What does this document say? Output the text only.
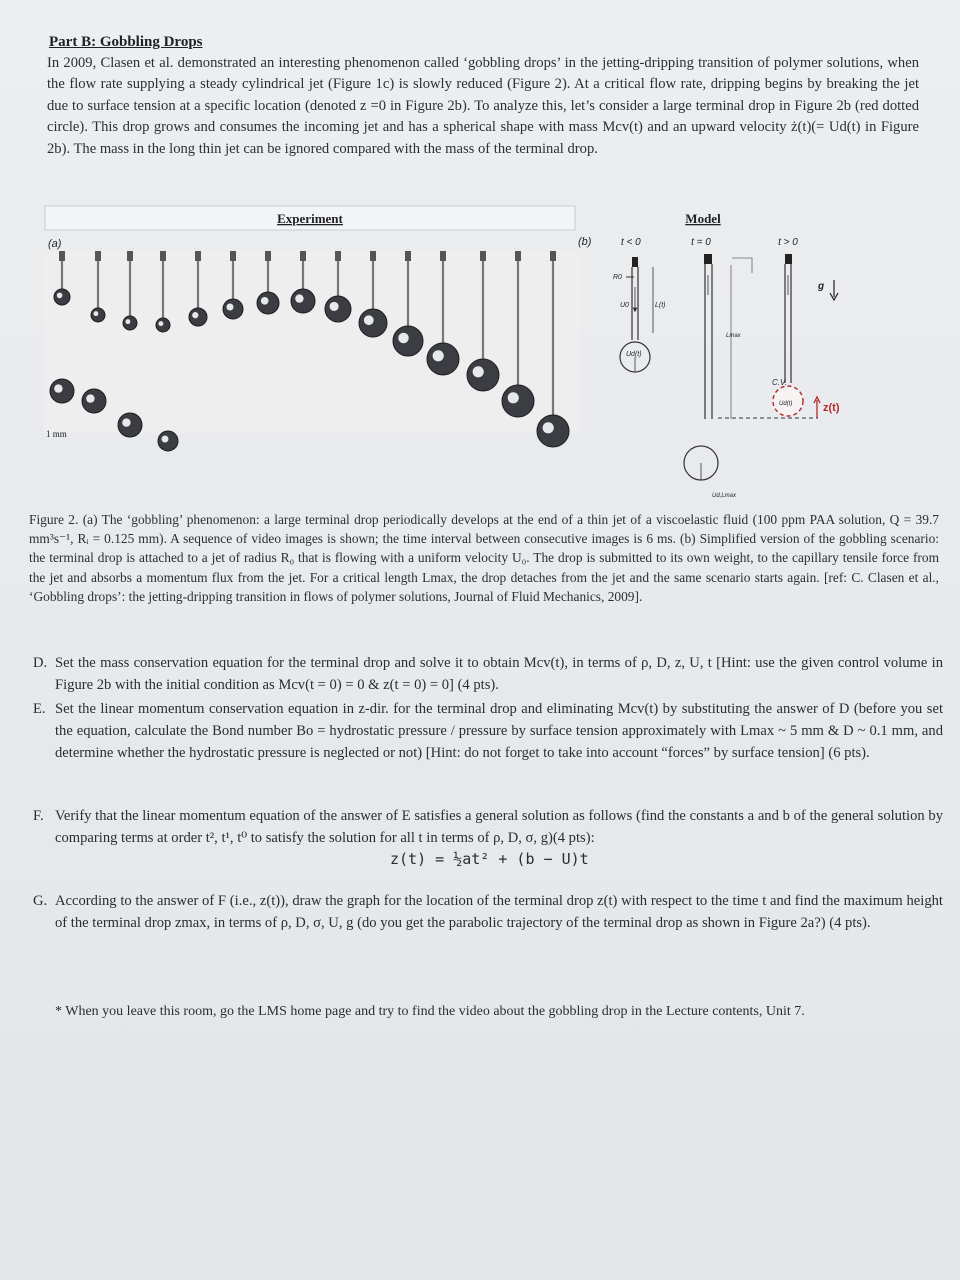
Part B: Gobbling Drops
In 2009, Clasen et al. demonstrated an interesting phenomenon called ‘gobbling drops’ in the jetting-dripping transition of polymer solutions, when the flow rate supplying a steady cylindrical jet (Figure 1c) is slowly reduced (Figure 2). At a critical flow rate, dripping begins by breaking the jet due to surface tension at a specific location (denoted z =0 in Figure 2b). To analyze this, let’s consider a large terminal drop in Figure 2b (red dotted circle). This drop grows and consumes the incoming jet and has a spherical shape with mass Mcv(t) and an upward velocity ż(t)(= Ud(t) in Figure 2b). The mass in the long thin jet can be ignored compared with the mass of the terminal drop.
Experiment
(a)
1 mm
(b)	t < 0
Model
t = 0	t > 0
R0
U0	L(t)
Ud(t)
Lmax
Ud,Lmax
C.V.
Ud(t)
g
z(t)
Figure 2. (a) The ‘gobbling’ phenomenon: a large terminal drop periodically develops at the end of a thin jet of a viscoelastic fluid (100 ppm PAA solution, Q = 39.7 mm³s⁻¹, Rᵢ = 0.125 mm). A sequence of video images is shown; the time interval between consecutive images is 6 ms. (b) Simplified version of the gobbling scenario: the terminal drop is attached to a jet of radius R₀ that is flowing with a uniform velocity U₀. The drop is submitted to its own weight, to the capillary tensile force from the jet and absorbs a momentum flux from the jet. For a critical length Lmax, the drop detaches from the jet and the same scenario starts again. [ref: C. Clasen et al., ‘Gobbling drops’: the jetting-dripping transition in flows of polymer solutions, Journal of Fluid Mechanics, 2009].
D. Set the mass conservation equation for the terminal drop and solve it to obtain Mcv(t), in terms of ρ, D, z, U, t [Hint: use the given control volume in Figure 2b with the initial condition as Mcv(t = 0) = 0 & z(t = 0) = 0] (4 pts).
E. Set the linear momentum conservation equation in z-dir. for the terminal drop and eliminating Mcv(t) by substituting the answer of D (before you set the equation, calculate the Bond number Bo = hydrostatic pressure / pressure by surface tension approximately with Lmax ~ 5 mm & D ~ 0.1 mm, and determine whether the hydrostatic pressure is neglected or not) [Hint: do not forget to take into account “forces” by surface tension] (6 pts).
F. Verify that the linear momentum equation of the answer of E satisfies a general solution as follows (find the constants a and b of the general solution by comparing terms at order t², t¹, t⁰ to satisfy the solution for all t in terms of ρ, D, σ, g)(4 pts):
z(t) = ½at² + (b − U)t
G. According to the answer of F (i.e., z(t)), draw the graph for the location of the terminal drop z(t) with respect to the time t and find the maximum height of the terminal drop zmax, in terms of ρ, D, σ, U, g (do you get the parabolic trajectory of the terminal drop as shown in Figure 2a?) (4 pts).
* When you leave this room, go the LMS home page and try to find the video about the gobbling drop in the Lecture contents, Unit 7.
